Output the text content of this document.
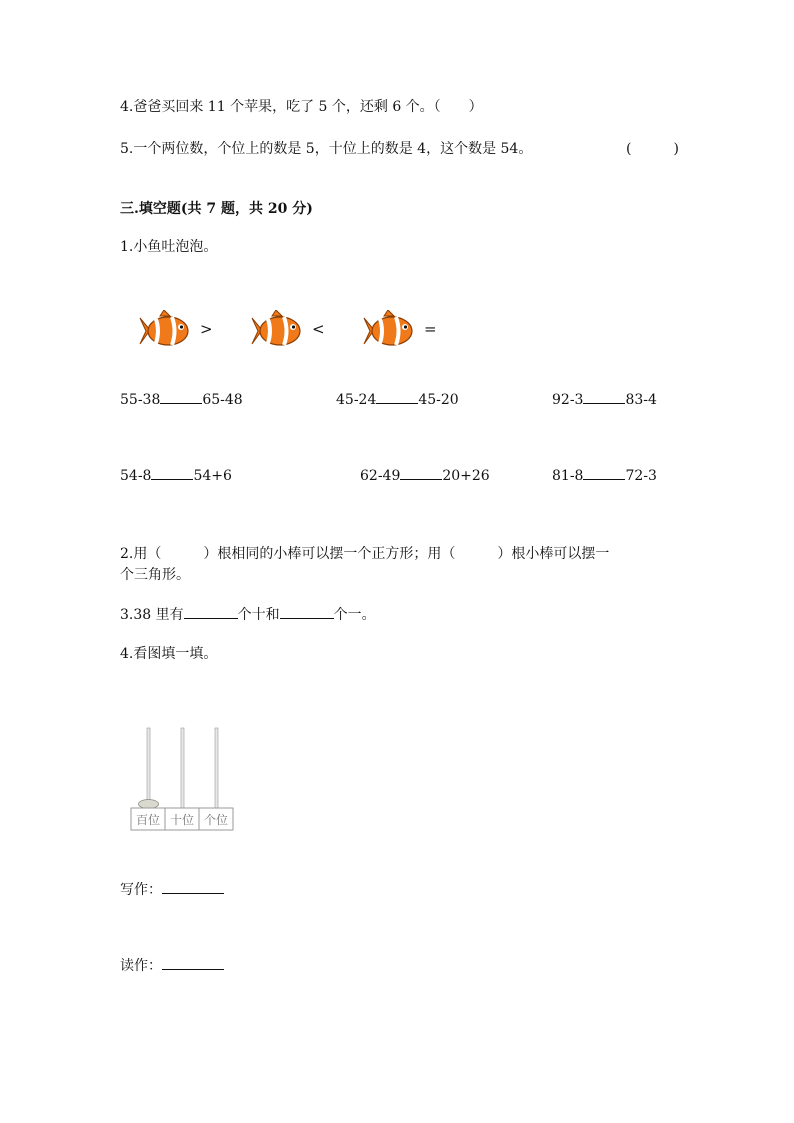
4.爸爸买回来 11 个苹果，吃了 5 个，还剩 6 个。（　　）
5.一个两位数，个位上的数是 5，十位上的数是 4，这个数是 54。	(　　　)
三.填空题(共 7 题，共 20 分)
1.小鱼吐泡泡。
>	<	=
55-38	65-48	45-24	45-20	92-3	83-4
54-8	54+6	62-49	20+26	81-8	72-3
2.用（　　　）根相同的小棒可以摆一个正方形；用（　　　）根小棒可以摆一
个三角形。
3.38 里有	个十和	个一。
4.看图填一填。
百位 十位 个位
写作：
读作：
